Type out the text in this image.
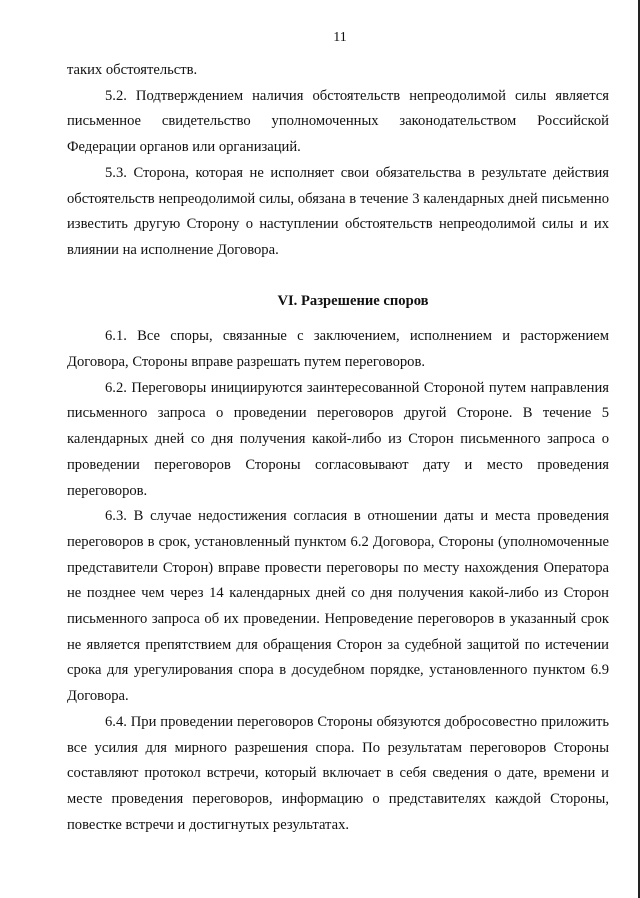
11

таких обстоятельств.

5.2. Подтверждением наличия обстоятельств непреодолимой силы является письменное свидетельство уполномоченных законодательством Российской Федерации органов или организаций.

5.3. Сторона, которая не исполняет свои обязательства в результате действия обстоятельств непреодолимой силы, обязана в течение 3 календарных дней письменно известить другую Сторону о наступлении обстоятельств непреодолимой силы и их влиянии на исполнение Договора.

VI. Разрешение споров

6.1. Все споры, связанные с заключением, исполнением и расторжением Договора, Стороны вправе разрешать путем переговоров.

6.2. Переговоры инициируются заинтересованной Стороной путем направления письменного запроса о проведении переговоров другой Стороне. В течение 5 календарных дней со дня получения какой-либо из Сторон письменного запроса о проведении переговоров Стороны согласовывают дату и место проведения переговоров.

6.3. В случае недостижения согласия в отношении даты и места проведения переговоров в срок, установленный пунктом 6.2 Договора, Стороны (уполномоченные представители Сторон) вправе провести переговоры по месту нахождения Оператора не позднее чем через 14 календарных дней со дня получения какой-либо из Сторон письменного запроса об их проведении. Непроведение переговоров в указанный срок не является препятствием для обращения Сторон за судебной защитой по истечении срока для урегулирования спора в досудебном порядке, установленного пунктом 6.9 Договора.

6.4. При проведении переговоров Стороны обязуются добросовестно приложить все усилия для мирного разрешения спора. По результатам переговоров Стороны составляют протокол встречи, который включает в себя сведения о дате, времени и месте проведения переговоров, информацию о представителях каждой Стороны, повестке встречи и достигнутых результатах.
